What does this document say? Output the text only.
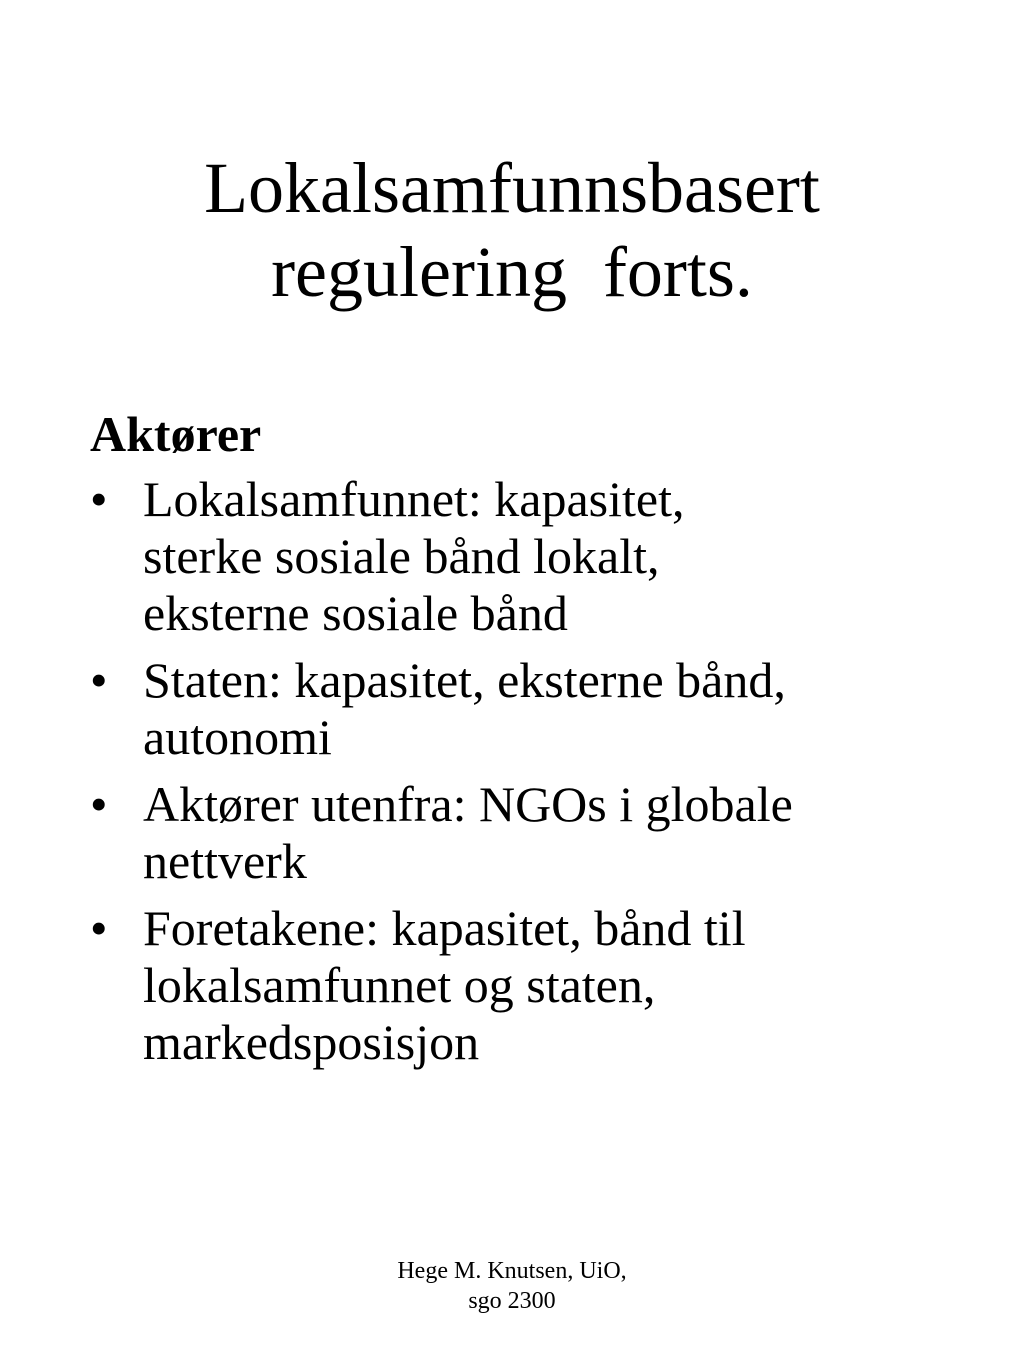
Lokalsamfunnsbasert
regulering  forts.
Aktører
• Lokalsamfunnet: kapasitet,
sterke sosiale bånd lokalt,
eksterne sosiale bånd
• Staten: kapasitet, eksterne bånd,
autonomi
• Aktører utenfra: NGOs i globale
nettverk
• Foretakene: kapasitet, bånd til
lokalsamfunnet og staten,
markedsposisjon
Hege M. Knutsen, UiO,
sgo 2300
